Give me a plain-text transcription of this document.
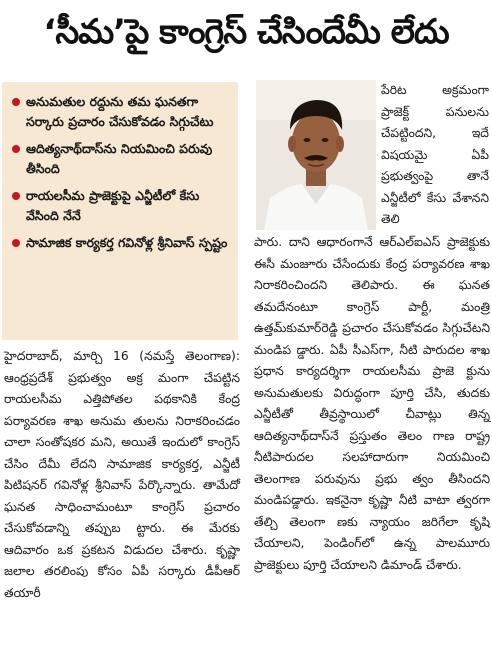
‘సీమ’పై కాంగ్రెస్ చేసిందేమీ లేదు
అనుమతుల రద్దును తమ ఘనతగా సర్కారు ప్రచారం చేసుకోవడం సిగ్గుచేటు
ఆదిత్యనాథ్‌దాస్‌ను నియమించి పరువు తీసింది
రాయలసీమ ప్రాజెక్టుపై ఎన్జీటీలో కేసు వేసింది నేనే
సామాజిక కార్యకర్త గవినోళ్ల శ్రీనివాస్ స్పష్టం

పేరిట అక్రమంగా ప్రాజెక్ట్ పనులను చేపట్టిందని, ఇదే విషయమై ఏపీ ప్రభుత్వంపై తానే ఎన్జీటీలో కేసు వేశానని తెలి

పారు. దాని ఆధారంగానే ఆర్ఎల్ఐఎస్ ప్రాజెక్టుకు ఈసీ మంజూరు చేసేందుకు కేంద్ర పర్యావరణ శాఖ నిరాకరించిందని తెలిపారు. ఈ ఘనత తమదేనంటూ కాంగ్రెస్ పార్టీ, మంత్రి ఉత్తమ్‌కుమార్‌రెడ్డి ప్రచారం చేసుకోవడం సిగ్గుచేటని మండిప డ్డారు. ఏపీ సీఎస్‌గా, నీటి పారుదల శాఖ ప్రధాన కార్యదర్శిగా రాయలసీమ ప్రాజె క్టును అనుమతులకు విరుద్ధంగా పూర్తి చేసి, తుదకు ఎన్జీటీతో తీవ్రస్థాయిలో చీవాట్లు తిన్న ఆదిత్యనాథ్‌దాస్‌నే ప్రస్తుతం తెలం గాణ రాష్ట్ర నీటిపారుదల సలహాదారుగా నియమించి తెలంగాణ పరువును ప్రభు త్వం తీసిందని మండిపడ్డారు. ఇకనైనా కృష్ణా నీటి వాటా త్వరగా తేల్చి తెలంగా ణకు న్యాయం జరిగేలా కృషి చేయాలని, పెండింగ్‌లో ఉన్న పాలమూరు ప్రాజెక్టులు పూర్తి చేయాలని డిమాండ్ చేశారు.

హైదరాబాద్, మార్చి 16 (నమస్తే తెలంగాణ): ఆంధ్రప్రదేశ్ ప్రభుత్వం అక్ర మంగా చేపట్టిన రాయలసీమ ఎత్తిపోతల పథకానికి కేంద్ర పర్యావరణ శాఖ అనుమ తులను నిరాకరించడం చాలా సంతోషకర మని, అయితే ఇందులో కాంగ్రెస్ చేసిం దేమీ లేదని సామాజిక కార్యకర్త, ఎన్జీటీ పిటిషనర్ గవినోళ్ల శ్రీనివాస్ పేర్కొన్నారు. తామేదో ఘనత సాధించామంటూ కాంగ్రెస్ ప్రచారం చేసుకోవడాన్ని తప్పుబ ట్టారు. ఈ మేరకు ఆదివారం ఒక ప్రకటన విడుదల చేశారు. కృష్ణా జలాల తరలింపు కోసం ఏపీ సర్కారు డీపీఆర్ తయారీ
